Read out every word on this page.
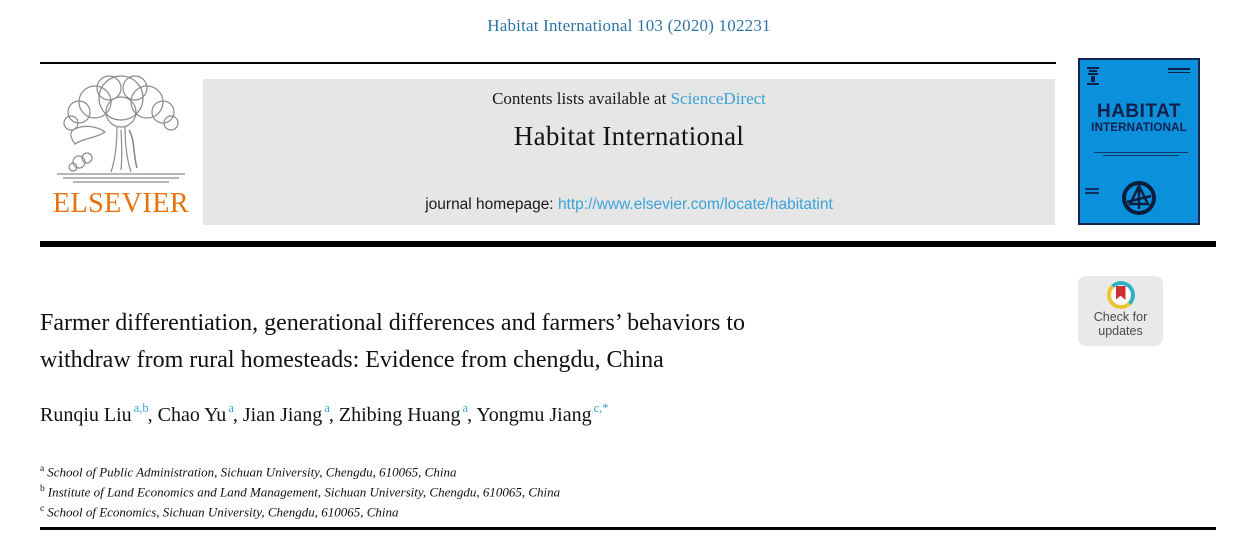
Habitat International 103 (2020) 102231
ELSEVIER
Contents lists available at ScienceDirect
Habitat International
journal homepage: http://www.elsevier.com/locate/habitatint
HABITAT
INTERNATIONAL
Check for
updates
Farmer differentiation, generational differences and farmers’ behaviors to
withdraw from rural homesteads: Evidence from chengdu, China
Runqiu Liu $^{a,b}$, Chao Yu $^a$, Jian Jiang $^a$, Zhibing Huang $^a$, Yongmu Jiang $^{c,*}$
$^a$ School of Public Administration, Sichuan University, Chengdu, 610065, China
$^b$ Institute of Land Economics and Land Management, Sichuan University, Chengdu, 610065, China
$^c$ School of Economics, Sichuan University, Chengdu, 610065, China
